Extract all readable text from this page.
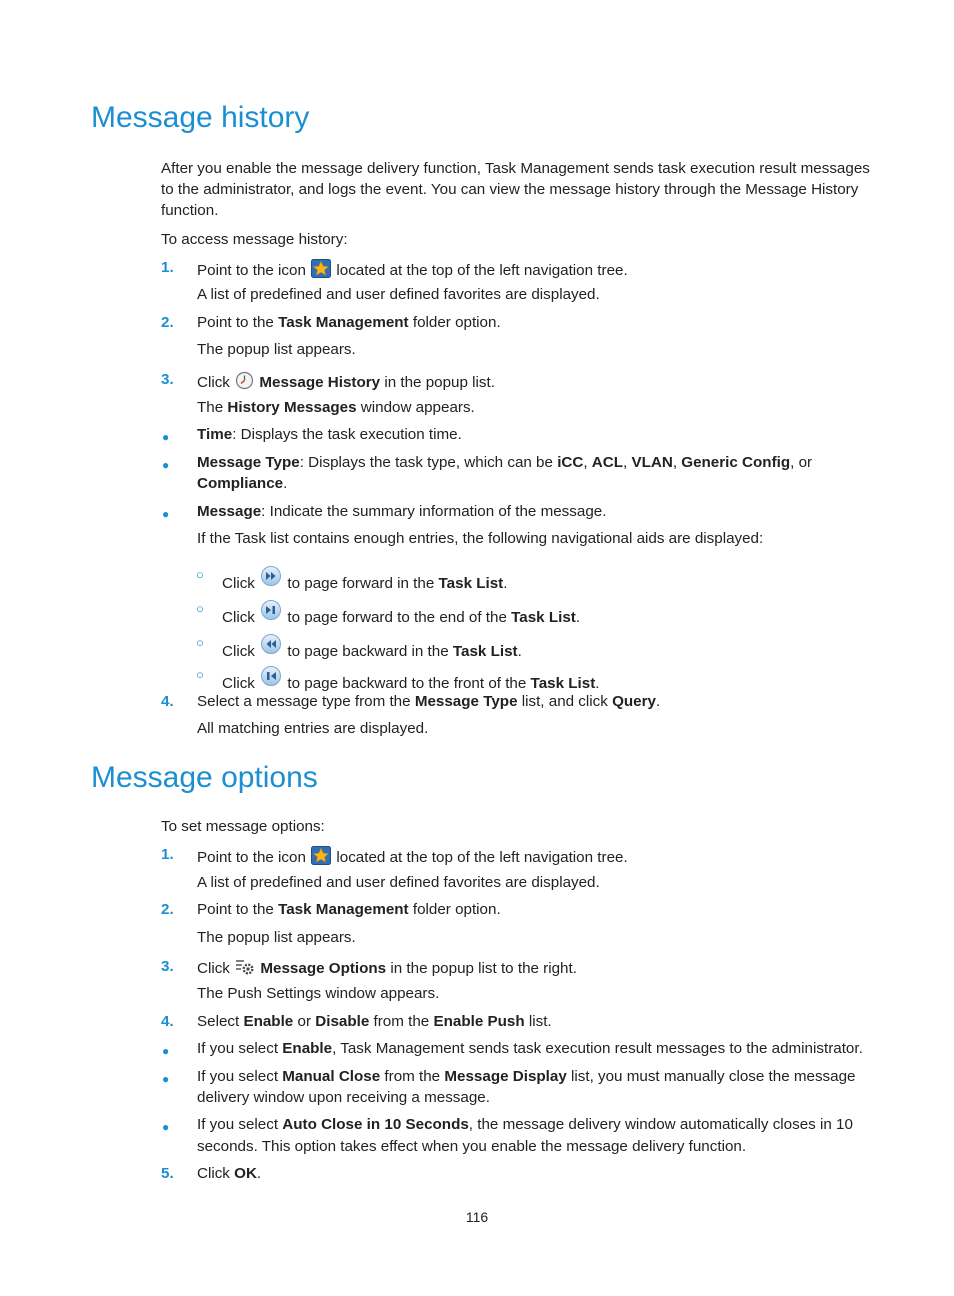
Message history
After you enable the message delivery function, Task Management sends task execution result messages to the administrator, and logs the event. You can view the message history through the Message History function.
To access message history:
1. Point to the icon located at the top of the left navigation tree.
A list of predefined and user defined favorites are displayed.
2. Point to the Task Management folder option.
The popup list appears.
3. Click Message History in the popup list.
The History Messages window appears.
● Time: Displays the task execution time.
● Message Type: Displays the task type, which can be iCC, ACL, VLAN, Generic Config, or
Compliance.
● Message: Indicate the summary information of the message.
If the Task list contains enough entries, the following navigational aids are displayed:
○
Click to page forward in the Task List.
○
Click to page forward to the end of the Task List.
○
Click to page backward in the Task List.
○
Click to page backward to the front of the Task List.
4. Select a message type from the Message Type list, and click Query.
All matching entries are displayed.
Message options
To set message options:
1. Point to the icon located at the top of the left navigation tree.
A list of predefined and user defined favorites are displayed.
2. Point to the Task Management folder option.
The popup list appears.
3. Click Message Options in the popup list to the right.
The Push Settings window appears.
4. Select Enable or Disable from the Enable Push list.
● If you select Enable, Task Management sends task execution result messages to the administrator.
● If you select Manual Close from the Message Display list, you must manually close the message
delivery window upon receiving a message.
● If you select Auto Close in 10 Seconds, the message delivery window automatically closes in 10
seconds. This option takes effect when you enable the message delivery function.
5. Click OK.
116
